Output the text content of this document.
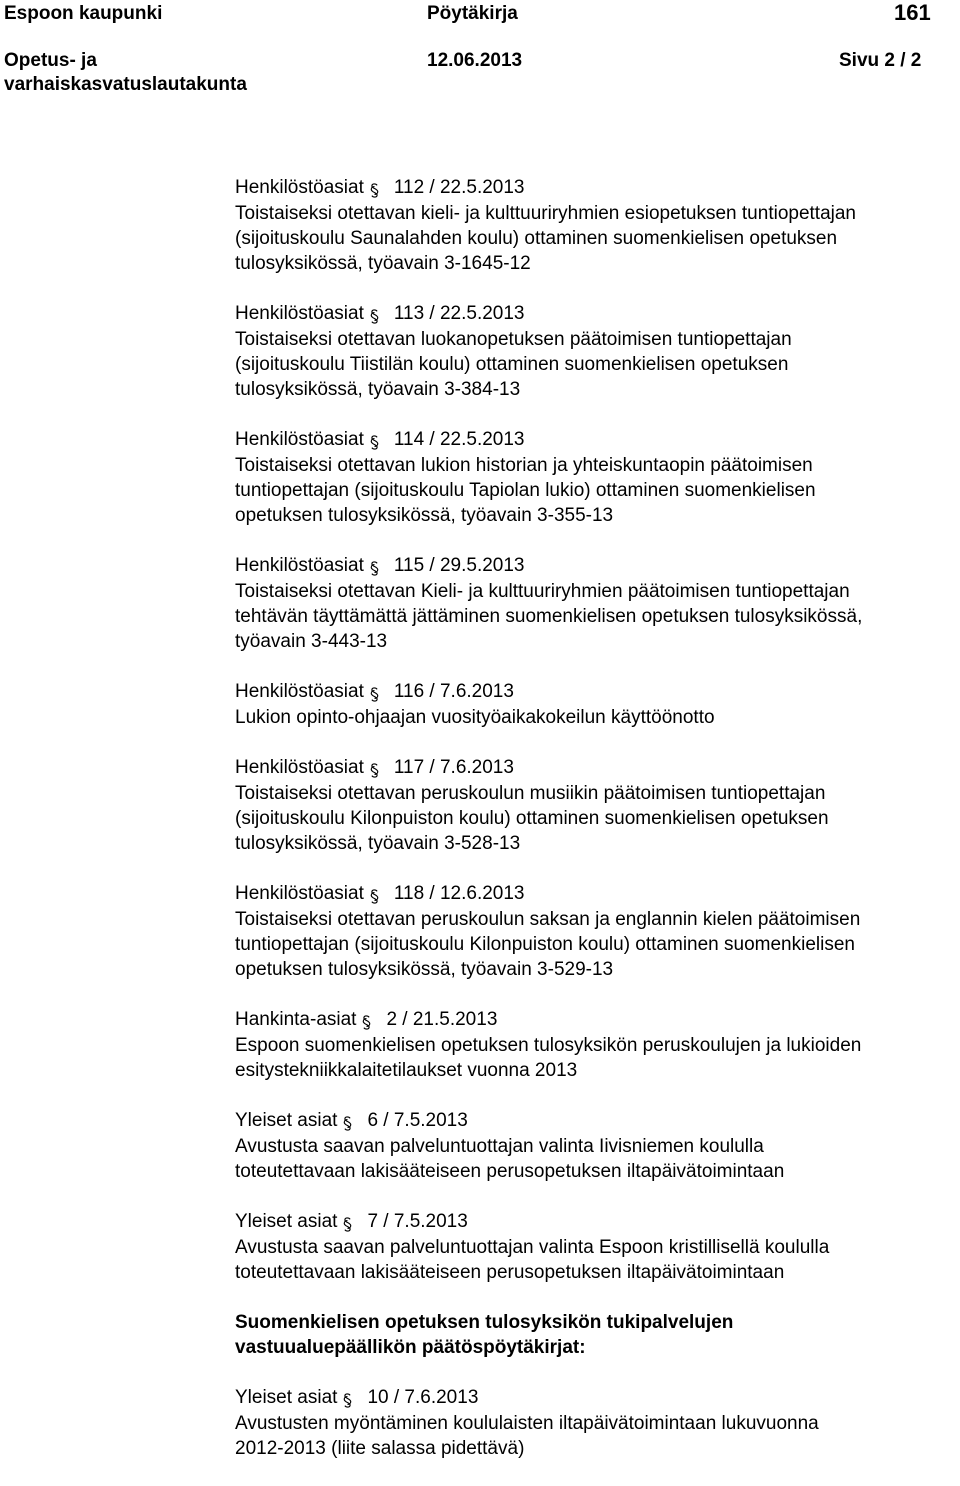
Espoon kaupunki	Pöytäkirja	161
Opetus- ja
varhaiskasvatuslautakunta
12.06.2013	Sivu 2 / 2
Henkilöstöasiat 112 / 22.5.2013
Toistaiseksi otettavan kieli- ja kulttuuriryhmien esiopetuksen tuntiopettajan
(sijoituskoulu Saunalahden koulu) ottaminen suomenkielisen opetuksen
tulosyksikössä, työavain 3-1645-12
Henkilöstöasiat 113 / 22.5.2013
Toistaiseksi otettavan luokanopetuksen päätoimisen tuntiopettajan
(sijoituskoulu Tiistilän koulu) ottaminen suomenkielisen opetuksen
tulosyksikössä, työavain 3-384-13
Henkilöstöasiat 114 / 22.5.2013
Toistaiseksi otettavan lukion historian ja yhteiskuntaopin päätoimisen
tuntiopettajan (sijoituskoulu Tapiolan lukio) ottaminen suomenkielisen
opetuksen tulosyksikössä, työavain 3-355-13
Henkilöstöasiat 115 / 29.5.2013
Toistaiseksi otettavan Kieli- ja kulttuuriryhmien päätoimisen tuntiopettajan
tehtävän täyttämättä jättäminen suomenkielisen opetuksen tulosyksikössä,
työavain 3-443-13
Henkilöstöasiat 116 / 7.6.2013
Lukion opinto-ohjaajan vuosityöaikakokeilun käyttöönotto
Henkilöstöasiat 117 / 7.6.2013
Toistaiseksi otettavan peruskoulun musiikin päätoimisen tuntiopettajan
(sijoituskoulu Kilonpuiston koulu) ottaminen suomenkielisen opetuksen
tulosyksikössä, työavain 3-528-13
Henkilöstöasiat 118 / 12.6.2013
Toistaiseksi otettavan peruskoulun saksan ja englannin kielen päätoimisen
tuntiopettajan (sijoituskoulu Kilonpuiston koulu) ottaminen suomenkielisen
opetuksen tulosyksikössä, työavain 3-529-13
Hankinta-asiat 2 / 21.5.2013
Espoon suomenkielisen opetuksen tulosyksikön peruskoulujen ja lukioiden
esitystekniikkalaitetilaukset vuonna 2013
Yleiset asiat 6 / 7.5.2013
Avustusta saavan palveluntuottajan valinta Iivisniemen koululla
toteutettavaan lakisääteiseen perusopetuksen iltapäivätoimintaan
Yleiset asiat 7 / 7.5.2013
Avustusta saavan palveluntuottajan valinta Espoon kristillisellä koululla
toteutettavaan lakisääteiseen perusopetuksen iltapäivätoimintaan
Suomenkielisen opetuksen tulosyksikön tukipalvelujen
vastuualuepäällikön päätöspöytäkirjat:
Yleiset asiat 10 / 7.6.2013
Avustusten myöntäminen koululaisten iltapäivätoimintaan lukuvuonna
2012-2013 (liite salassa pidettävä)
